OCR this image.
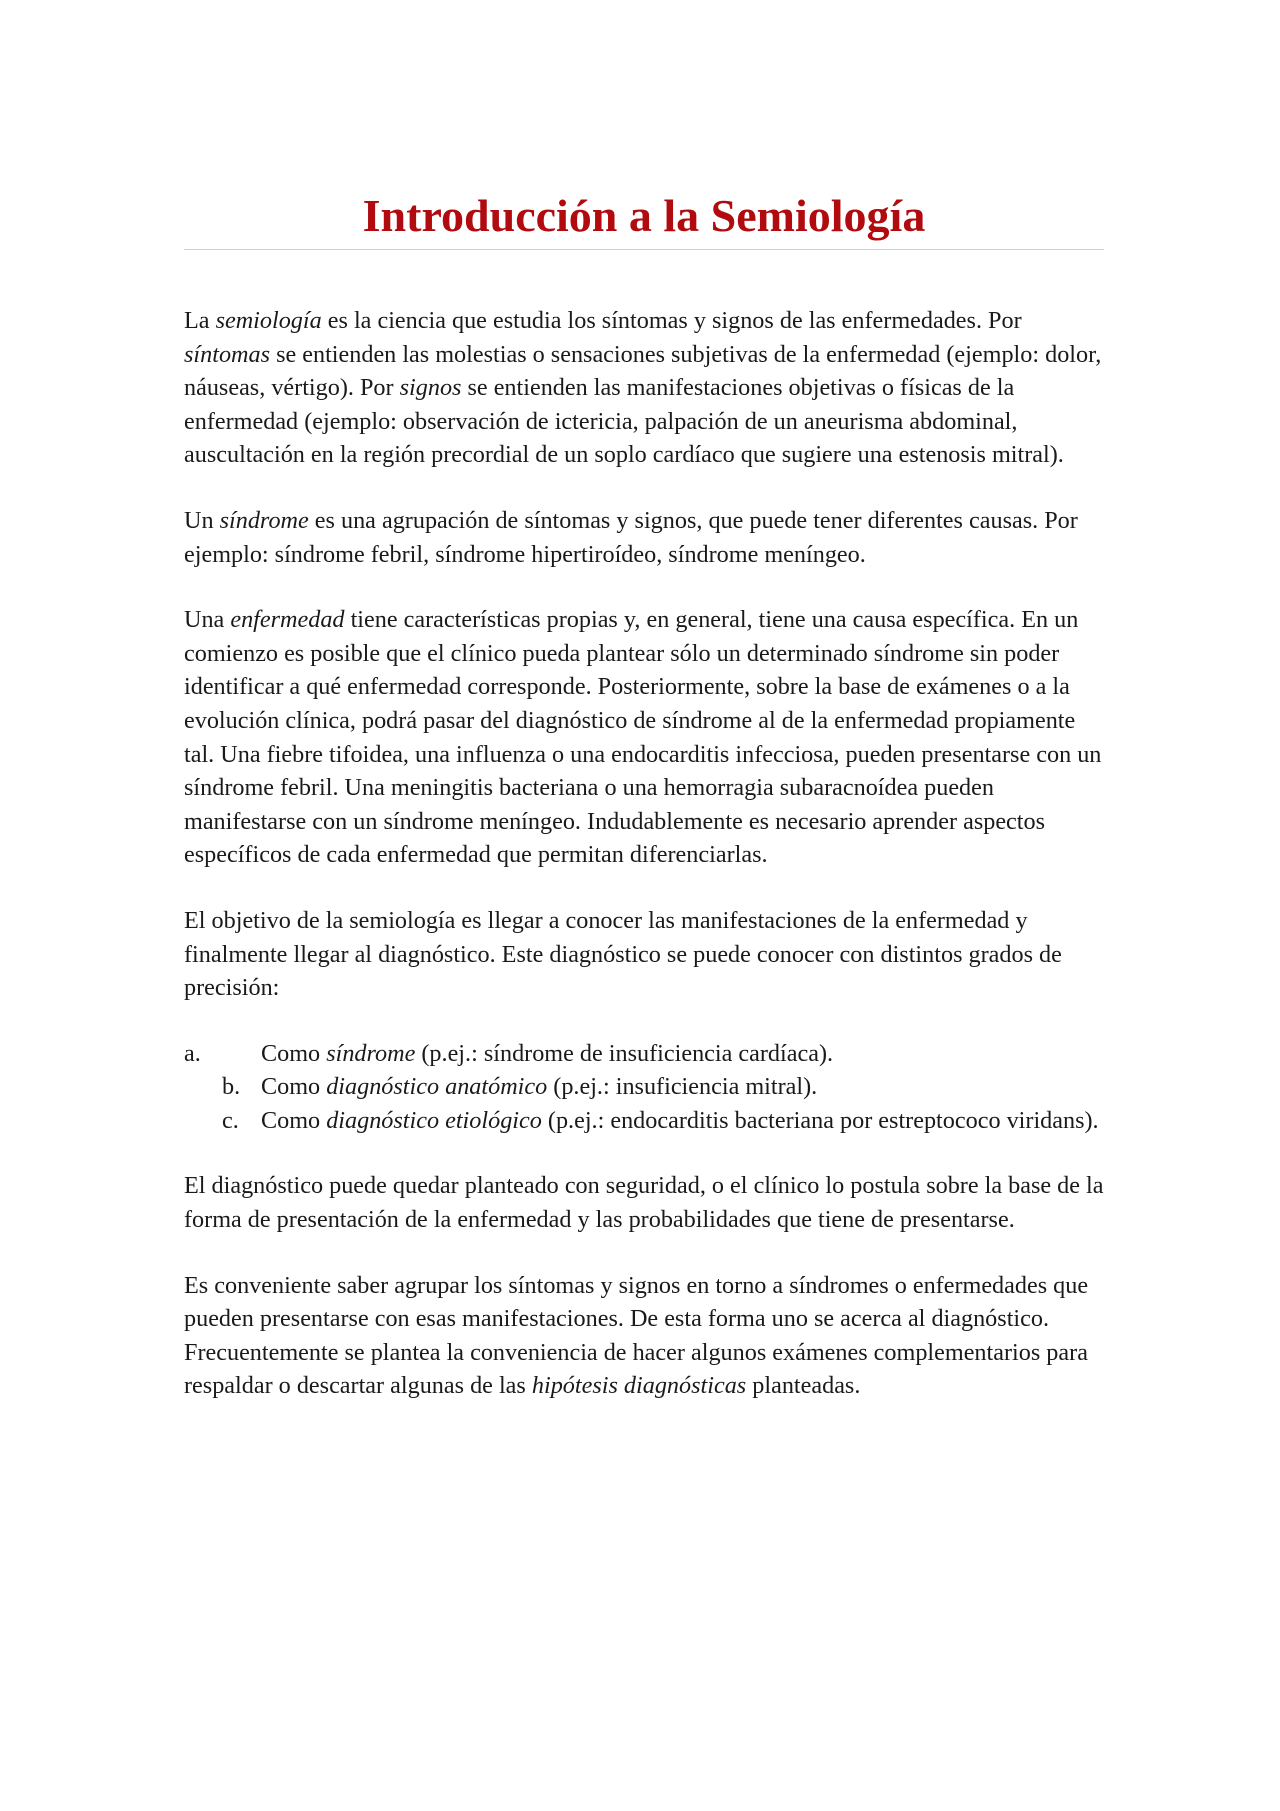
Introducción a la Semiología

La semiología es la ciencia que estudia los síntomas y signos de las enfermedades. Por síntomas se entienden las molestias o sensaciones subjetivas de la enfermedad (ejemplo: dolor, náuseas, vértigo). Por signos se entienden las manifestaciones objetivas o físicas de la enfermedad (ejemplo: observación de ictericia, palpación de un aneurisma abdominal, auscultación en la región precordial de un soplo cardíaco que sugiere una estenosis mitral).

Un síndrome es una agrupación de síntomas y signos, que puede tener diferentes causas. Por ejemplo: síndrome febril, síndrome hipertiroídeo, síndrome meníngeo.

Una enfermedad tiene características propias y, en general, tiene una causa específica. En un comienzo es posible que el clínico pueda plantear sólo un determinado síndrome sin poder identificar a qué enfermedad corresponde. Posteriormente, sobre la base de exámenes o a la evolución clínica, podrá pasar del diagnóstico de síndrome al de la enfermedad propiamente tal. Una fiebre tifoidea, una influenza o una endocarditis infecciosa, pueden presentarse con un síndrome febril. Una meningitis bacteriana o una hemorragia subaracnoídea pueden manifestarse con un síndrome meníngeo. Indudablemente es necesario aprender aspectos específicos de cada enfermedad que permitan diferenciarlas.

El objetivo de la semiología es llegar a conocer las manifestaciones de la enfermedad y finalmente llegar al diagnóstico. Este diagnóstico se puede conocer con distintos grados de precisión:

a. Como síndrome (p.ej.: síndrome de insuficiencia cardíaca).
b. Como diagnóstico anatómico (p.ej.: insuficiencia mitral).
c. Como diagnóstico etiológico (p.ej.: endocarditis bacteriana por estreptococo viridans).

El diagnóstico puede quedar planteado con seguridad, o el clínico lo postula sobre la base de la forma de presentación de la enfermedad y las probabilidades que tiene de presentarse.

Es conveniente saber agrupar los síntomas y signos en torno a síndromes o enfermedades que pueden presentarse con esas manifestaciones. De esta forma uno se acerca al diagnóstico. Frecuentemente se plantea la conveniencia de hacer algunos exámenes complementarios para respaldar o descartar algunas de las hipótesis diagnósticas planteadas.
